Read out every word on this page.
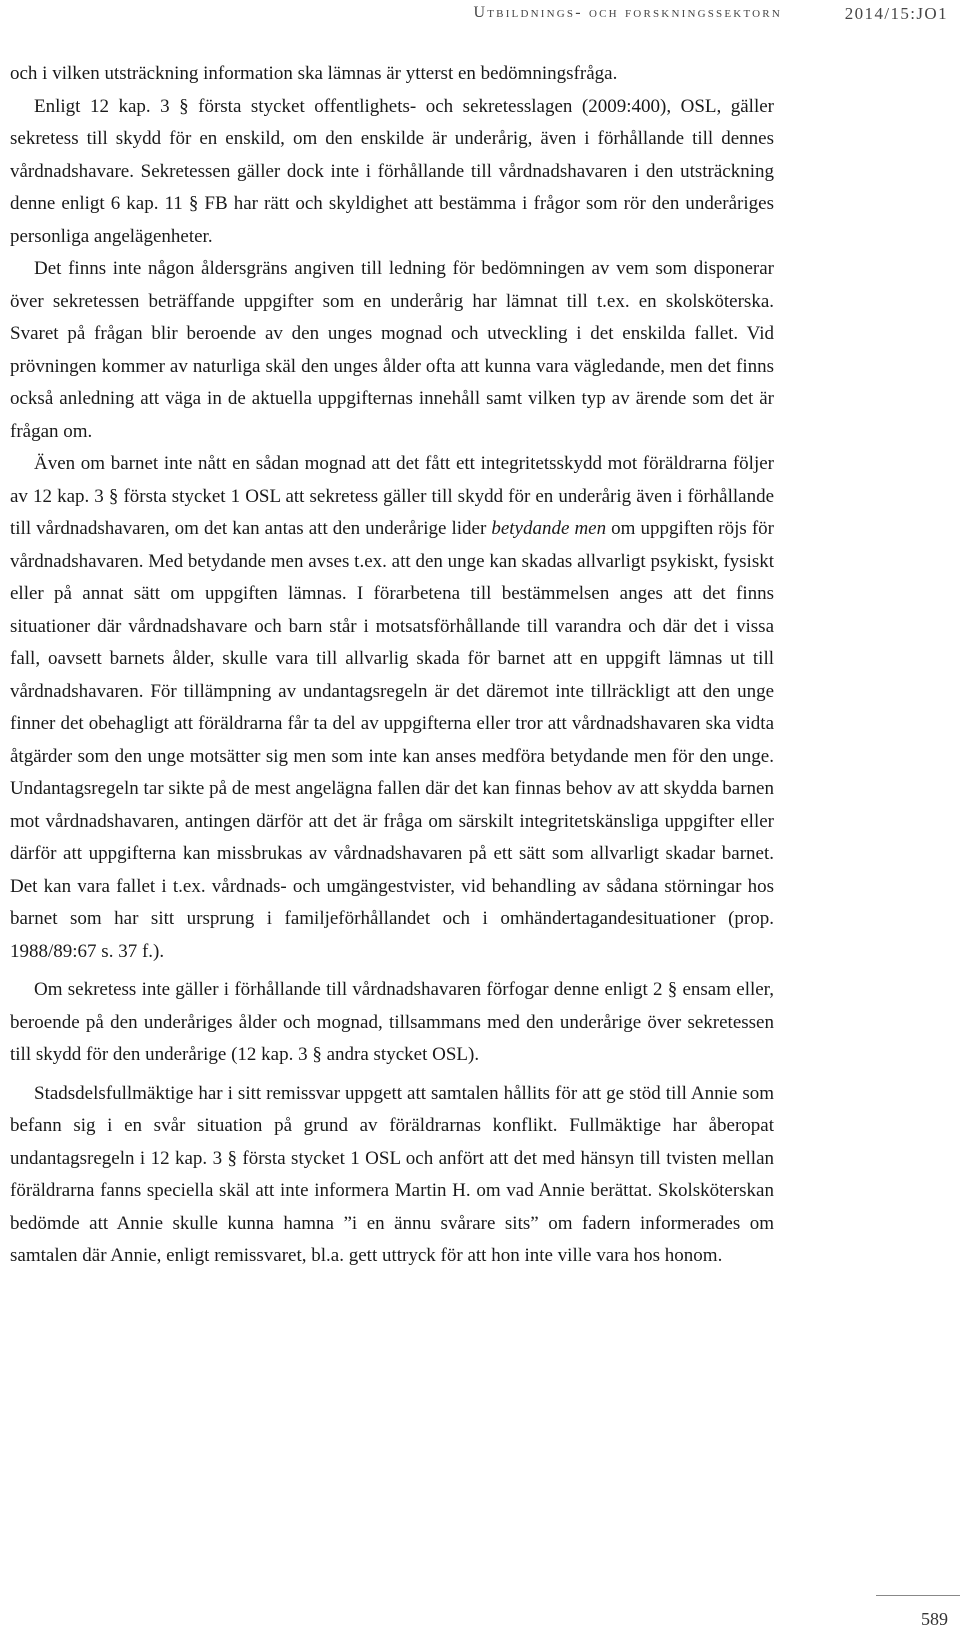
Utbildnings- och forskningssektorn	2014/15:JO1

och i vilken utsträckning information ska lämnas är ytterst en bedömningsfråga.

Enligt 12 kap. 3 § första stycket offentlighets- och sekretesslagen (2009:400), OSL, gäller sekretess till skydd för en enskild, om den enskilde är underårig, även i förhållande till dennes vårdnadshavare. Sekretessen gäller dock inte i förhållande till vårdnadshavaren i den utsträckning denne enligt 6 kap. 11 § FB har rätt och skyldighet att bestämma i frågor som rör den underåriges personliga angelägenheter.

Det finns inte någon åldersgräns angiven till ledning för bedömningen av vem som disponerar över sekretessen beträffande uppgifter som en underårig har lämnat till t.ex. en skolsköterska. Svaret på frågan blir beroende av den unges mognad och utveckling i det enskilda fallet. Vid prövningen kommer av naturliga skäl den unges ålder ofta att kunna vara vägledande, men det finns också anledning att väga in de aktuella uppgifternas innehåll samt vilken typ av ärende som det är frågan om.

Även om barnet inte nått en sådan mognad att det fått ett integritetsskydd mot föräldrarna följer av 12 kap. 3 § första stycket 1 OSL att sekretess gäller till skydd för en underårig även i förhållande till vårdnadshavaren, om det kan antas att den underårige lider betydande men om uppgiften röjs för vårdnadshavaren. Med betydande men avses t.ex. att den unge kan skadas allvarligt psykiskt, fysiskt eller på annat sätt om uppgiften lämnas. I förarbetena till bestämmelsen anges att det finns situationer där vårdnadshavare och barn står i motsatsförhållande till varandra och där det i vissa fall, oavsett barnets ålder, skulle vara till allvarlig skada för barnet att en uppgift lämnas ut till vårdnadshavaren. För tillämpning av undantagsregeln är det däremot inte tillräckligt att den unge finner det obehagligt att föräldrarna får ta del av uppgifterna eller tror att vårdnadshavaren ska vidta åtgärder som den unge motsätter sig men som inte kan anses medföra betydande men för den unge. Undantagsregeln tar sikte på de mest angelägna fallen där det kan finnas behov av att skydda barnen mot vårdnadshavaren, antingen därför att det är fråga om särskilt integritetskänsliga uppgifter eller därför att uppgifterna kan missbrukas av vårdnadshavaren på ett sätt som allvarligt skadar barnet. Det kan vara fallet i t.ex. vårdnads- och umgängestvister, vid behandling av sådana störningar hos barnet som har sitt ursprung i familjeförhållandet och i omhändertagandesituationer (prop. 1988/89:67 s. 37 f.).

Om sekretess inte gäller i förhållande till vårdnadshavaren förfogar denne enligt 2 § ensam eller, beroende på den underåriges ålder och mognad, tillsammans med den underårige över sekretessen till skydd för den underårige (12 kap. 3 § andra stycket OSL).

Stadsdelsfullmäktige har i sitt remissvar uppgett att samtalen hållits för att ge stöd till Annie som befann sig i en svår situation på grund av föräldrarnas konflikt. Fullmäktige har åberopat undantagsregeln i 12 kap. 3 § första stycket 1 OSL och anfört att det med hänsyn till tvisten mellan föräldrarna fanns speciella skäl att inte informera Martin H. om vad Annie berättat. Skolsköterskan bedömde att Annie skulle kunna hamna ”i en ännu svårare sits” om fadern informerades om samtalen där Annie, enligt remissvaret, bl.a. gett uttryck för att hon inte ville vara hos honom.

589
